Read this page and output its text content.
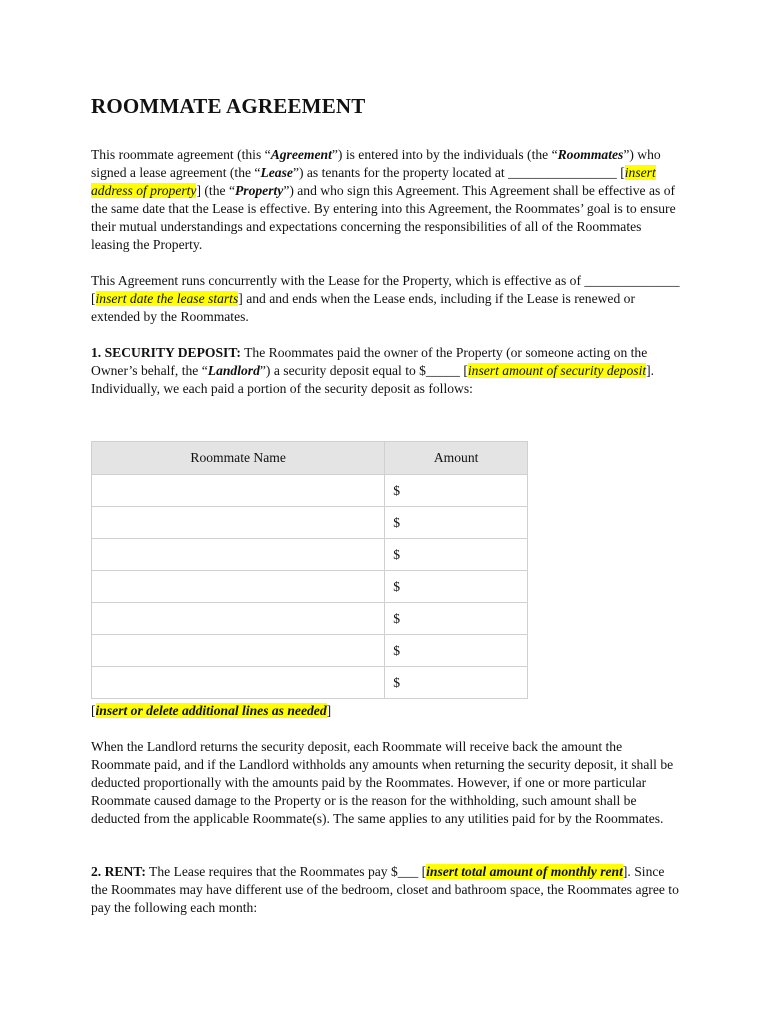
ROOMMATE AGREEMENT

This roommate agreement (this “Agreement”) is entered into by the individuals (the “Roommates”) who signed a lease agreement (the “Lease”) as tenants for the property located at ________________ [insert address of property] (the “Property”) and who sign this Agreement. This Agreement shall be effective as of the same date that the Lease is effective. By entering into this Agreement, the Roommates’ goal is to ensure their mutual understandings and expectations concerning the responsibilities of all of the Roommates leasing the Property.

This Agreement runs concurrently with the Lease for the Property, which is effective as of ______________ [insert date the lease starts] and and ends when the Lease ends, including if the Lease is renewed or extended by the Roommates.

1. SECURITY DEPOSIT: The Roommates paid the owner of the Property (or someone acting on the Owner’s behalf, the “Landlord”) a security deposit equal to $_____ [insert amount of security deposit]. Individually, we each paid a portion of the security deposit as follows:

Roommate Name	Amount
	$
	$
	$
	$
	$
	$
	$

[insert or delete additional lines as needed]

When the Landlord returns the security deposit, each Roommate will receive back the amount the Roommate paid, and if the Landlord withholds any amounts when returning the security deposit, it shall be deducted proportionally with the amounts paid by the Roommates. However, if one or more particular Roommate caused damage to the Property or is the reason for the withholding, such amount shall be deducted from the applicable Roommate(s). The same applies to any utilities paid for by the Roommates.

2. RENT: The Lease requires that the Roommates pay $___ [insert total amount of monthly rent]. Since the Roommates may have different use of the bedroom, closet and bathroom space, the Roommates agree to pay the following each month:
